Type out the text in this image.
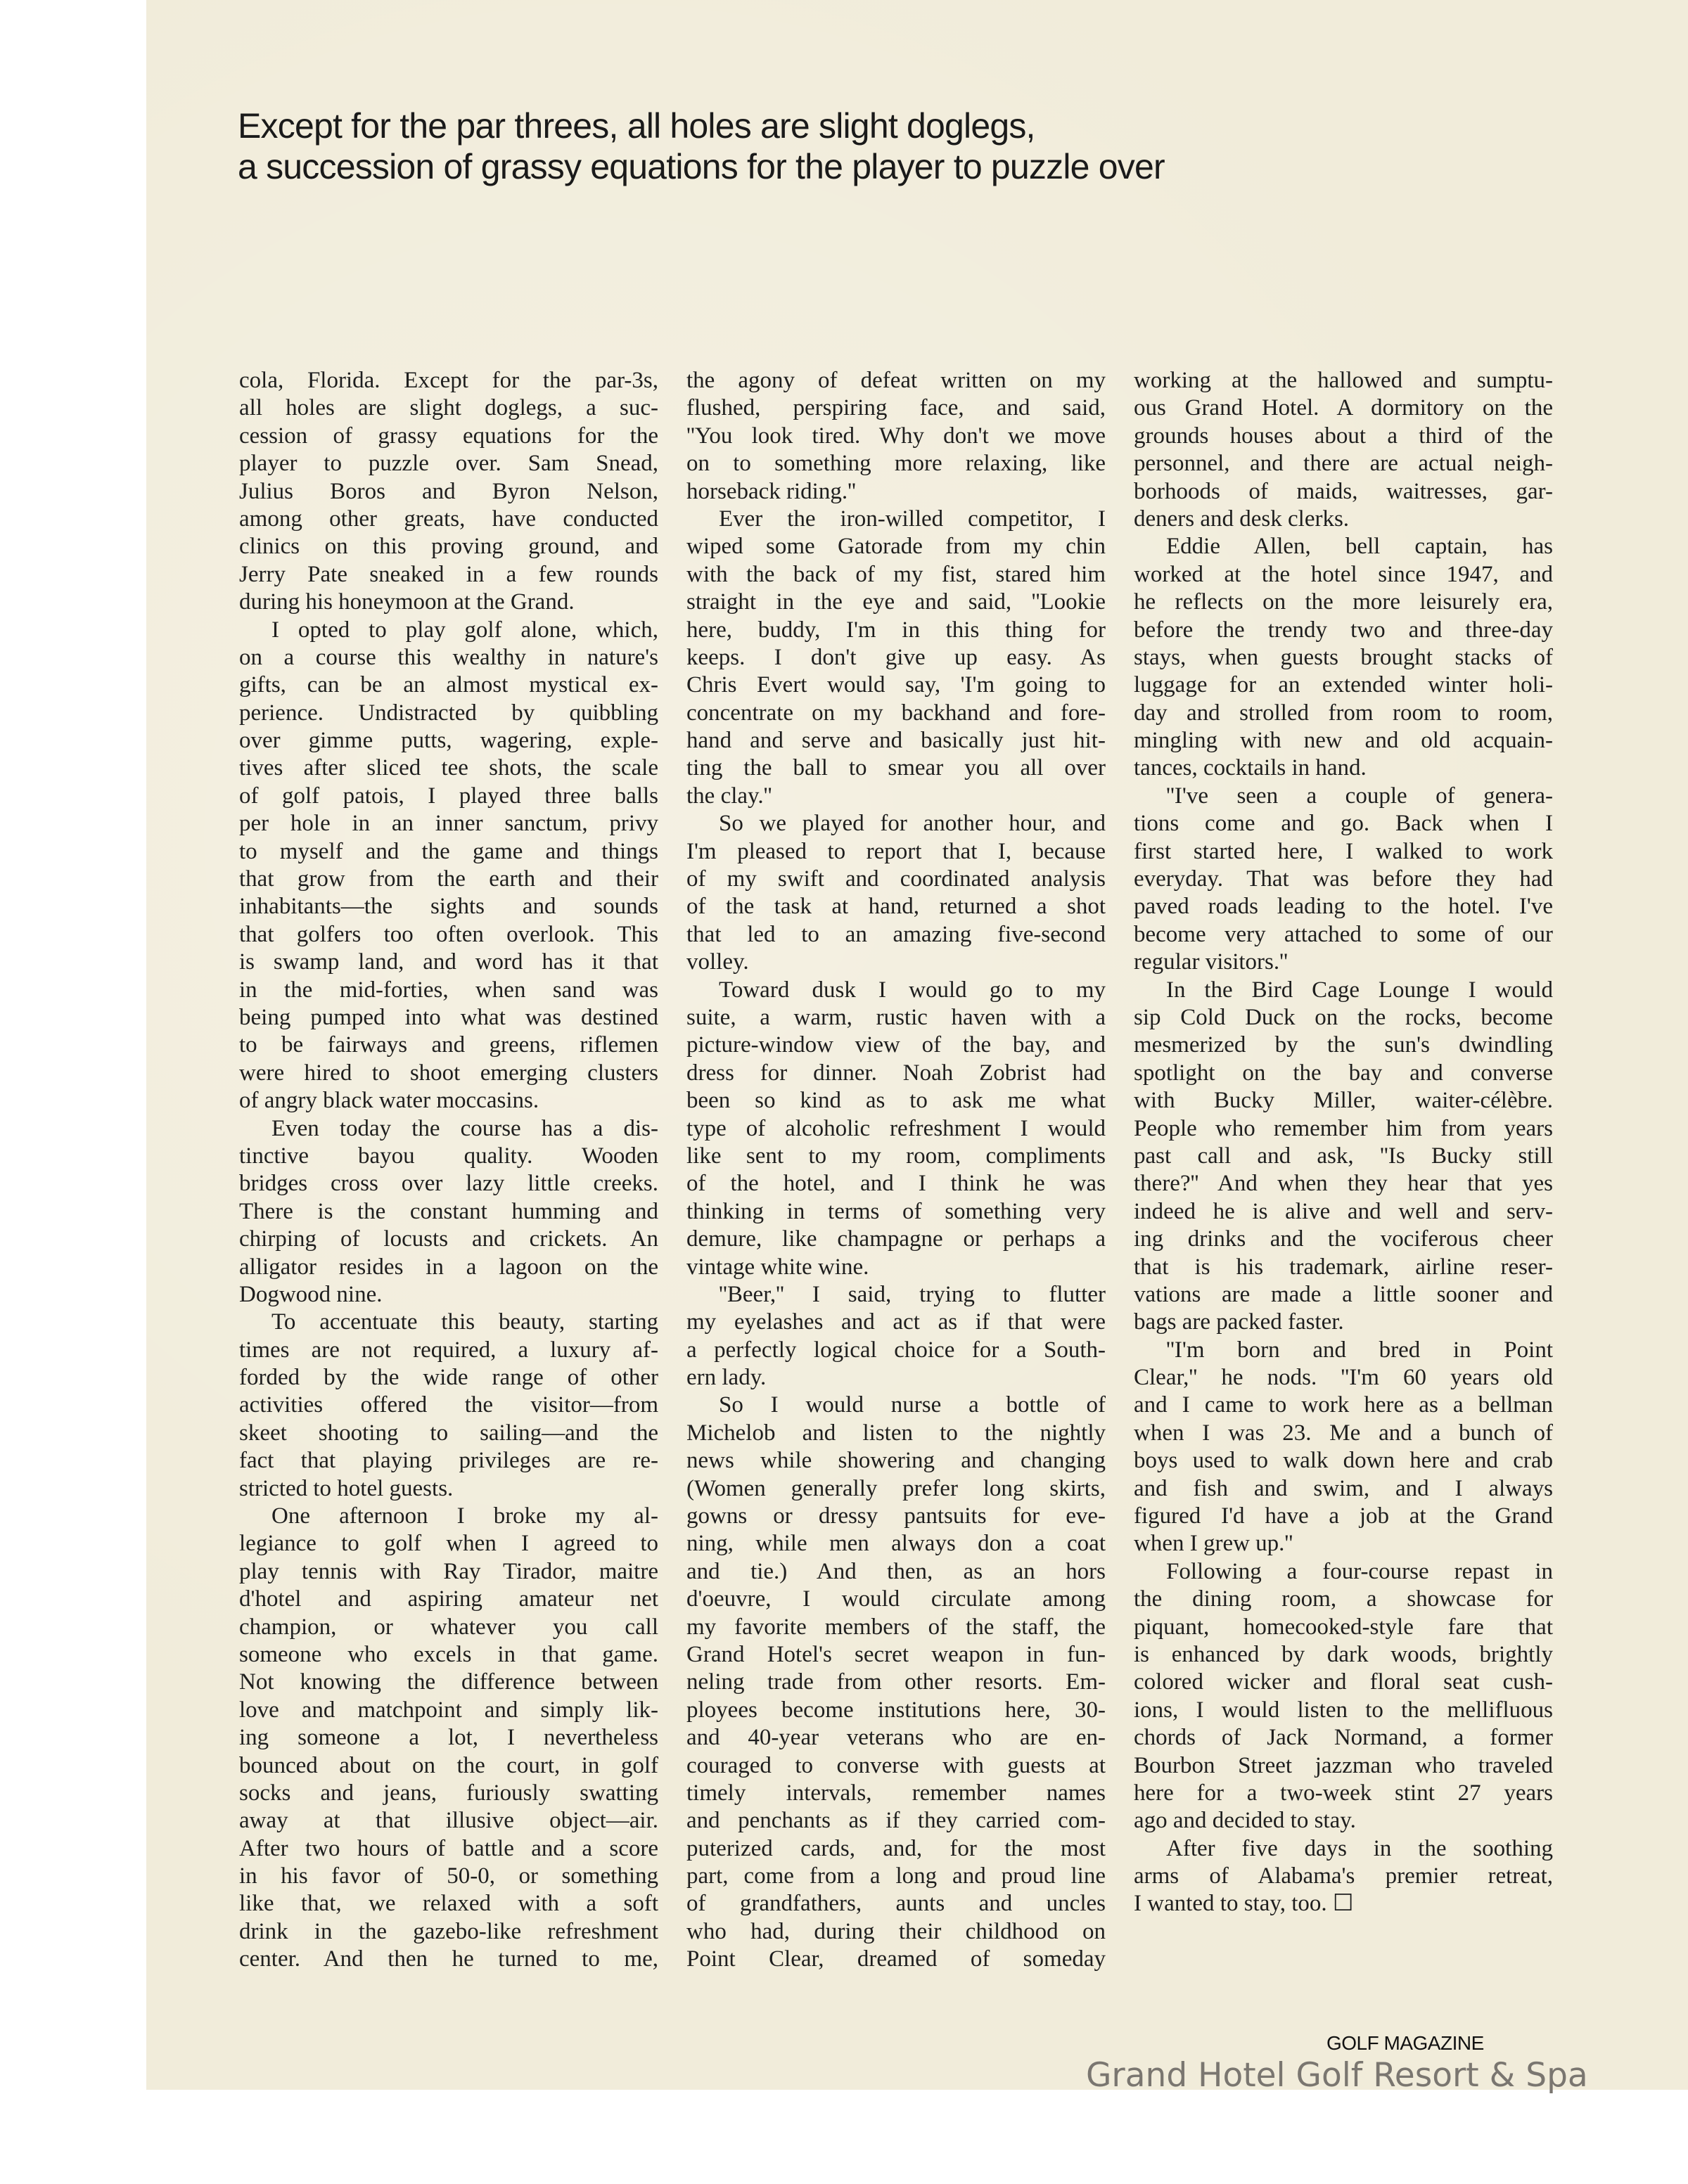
Except for the par threes, all holes are slight doglegs,
a succession of grassy equations for the player to puzzle over
cola, Florida. Except for the par-3s,
all holes are slight doglegs, a suc-
cession of grassy equations for the
player to puzzle over. Sam Snead,
Julius Boros and Byron Nelson,
among other greats, have conducted
clinics on this proving ground, and
Jerry Pate sneaked in a few rounds
during his honeymoon at the Grand.
I opted to play golf alone, which,
on a course this wealthy in nature's
gifts, can be an almost mystical ex-
perience. Undistracted by quibbling
over gimme putts, wagering, exple-
tives after sliced tee shots, the scale
of golf patois, I played three balls
per hole in an inner sanctum, privy
to myself and the game and things
that grow from the earth and their
inhabitants—the sights and sounds
that golfers too often overlook. This
is swamp land, and word has it that
in the mid-forties, when sand was
being pumped into what was destined
to be fairways and greens, riflemen
were hired to shoot emerging clusters
of angry black water moccasins.
Even today the course has a dis-
tinctive bayou quality. Wooden
bridges cross over lazy little creeks.
There is the constant humming and
chirping of locusts and crickets. An
alligator resides in a lagoon on the
Dogwood nine.
To accentuate this beauty, starting
times are not required, a luxury af-
forded by the wide range of other
activities offered the visitor—from
skeet shooting to sailing—and the
fact that playing privileges are re-
stricted to hotel guests.
One afternoon I broke my al-
legiance to golf when I agreed to
play tennis with Ray Tirador, maitre
d'hotel and aspiring amateur net
champion, or whatever you call
someone who excels in that game.
Not knowing the difference between
love and matchpoint and simply lik-
ing someone a lot, I nevertheless
bounced about on the court, in golf
socks and jeans, furiously swatting
away at that illusive object—air.
After two hours of battle and a score
in his favor of 50-0, or something
like that, we relaxed with a soft
drink in the gazebo-like refreshment
center. And then he turned to me,
the agony of defeat written on my
flushed, perspiring face, and said,
''You look tired. Why don't we move
on to something more relaxing, like
horseback riding.''
Ever the iron-willed competitor, I
wiped some Gatorade from my chin
with the back of my fist, stared him
straight in the eye and said, ''Lookie
here, buddy, I'm in this thing for
keeps. I don't give up easy. As
Chris Evert would say, 'I'm going to
concentrate on my backhand and fore-
hand and serve and basically just hit-
ting the ball to smear you all over
the clay.''
So we played for another hour, and
I'm pleased to report that I, because
of my swift and coordinated analysis
of the task at hand, returned a shot
that led to an amazing five-second
volley.
Toward dusk I would go to my
suite, a warm, rustic haven with a
picture-window view of the bay, and
dress for dinner. Noah Zobrist had
been so kind as to ask me what
type of alcoholic refreshment I would
like sent to my room, compliments
of the hotel, and I think he was
thinking in terms of something very
demure, like champagne or perhaps a
vintage white wine.
''Beer,'' I said, trying to flutter
my eyelashes and act as if that were
a perfectly logical choice for a South-
ern lady.
So I would nurse a bottle of
Michelob and listen to the nightly
news while showering and changing
(Women generally prefer long skirts,
gowns or dressy pantsuits for eve-
ning, while men always don a coat
and tie.) And then, as an hors
d'oeuvre, I would circulate among
my favorite members of the staff, the
Grand Hotel's secret weapon in fun-
neling trade from other resorts. Em-
ployees become institutions here, 30-
and 40-year veterans who are en-
couraged to converse with guests at
timely intervals, remember names
and penchants as if they carried com-
puterized cards, and, for the most
part, come from a long and proud line
of grandfathers, aunts and uncles
who had, during their childhood on
Point Clear, dreamed of someday
working at the hallowed and sumptu-
ous Grand Hotel. A dormitory on the
grounds houses about a third of the
personnel, and there are actual neigh-
borhoods of maids, waitresses, gar-
deners and desk clerks.
Eddie Allen, bell captain, has
worked at the hotel since 1947, and
he reflects on the more leisurely era,
before the trendy two and three-day
stays, when guests brought stacks of
luggage for an extended winter holi-
day and strolled from room to room,
mingling with new and old acquain-
tances, cocktails in hand.
''I've seen a couple of genera-
tions come and go. Back when I
first started here, I walked to work
everyday. That was before they had
paved roads leading to the hotel. I've
become very attached to some of our
regular visitors.''
In the Bird Cage Lounge I would
sip Cold Duck on the rocks, become
mesmerized by the sun's dwindling
spotlight on the bay and converse
with Bucky Miller, waiter-célèbre.
People who remember him from years
past call and ask, ''Is Bucky still
there?'' And when they hear that yes
indeed he is alive and well and serv-
ing drinks and the vociferous cheer
that is his trademark, airline reser-
vations are made a little sooner and
bags are packed faster.
''I'm born and bred in Point
Clear,'' he nods. ''I'm 60 years old
and I came to work here as a bellman
when I was 23. Me and a bunch of
boys used to walk down here and crab
and fish and swim, and I always
figured I'd have a job at the Grand
when I grew up.''
Following a four-course repast in
the dining room, a showcase for
piquant, homecooked-style fare that
is enhanced by dark woods, brightly
colored wicker and floral seat cush-
ions, I would listen to the mellifluous
chords of Jack Normand, a former
Bourbon Street jazzman who traveled
here for a two-week stint 27 years
ago and decided to stay.
After five days in the soothing
arms of Alabama's premier retreat,
I wanted to stay, too. ☐
GOLF MAGAZINE
Grand Hotel Golf Resort & Spa
